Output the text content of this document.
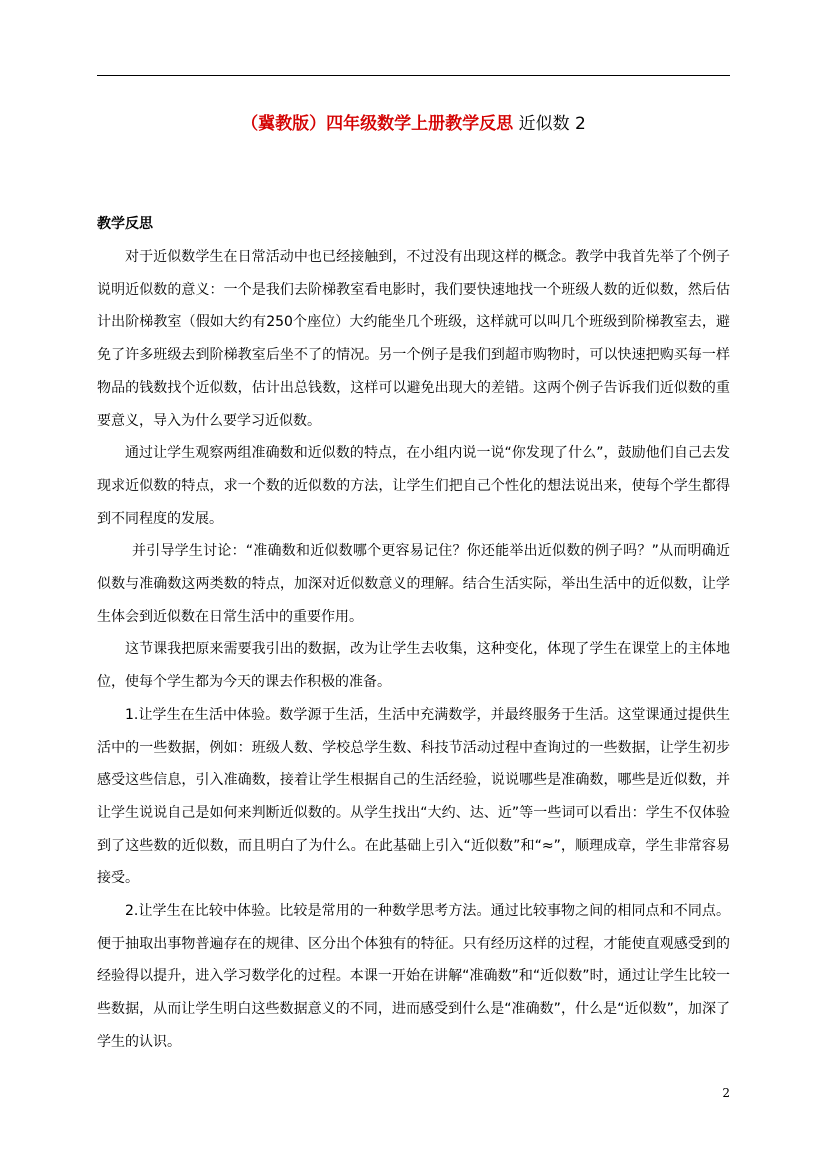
（冀教版）四年级数学上册教学反思 近似数 2
教学反思

对于近似数学生在日常活动中也已经接触到，不过没有出现这样的概念。教学中我首先举了个例子说明近似数的意义：一个是我们去阶梯教室看电影时，我们要快速地找一个班级人数的近似数，然后估计出阶梯教室（假如大约有250个座位）大约能坐几个班级，这样就可以叫几个班级到阶梯教室去，避免了许多班级去到阶梯教室后坐不了的情况。另一个例子是我们到超市购物时，可以快速把购买每一样物品的钱数找个近似数，估计出总钱数，这样可以避免出现大的差错。这两个例子告诉我们近似数的重要意义，导入为什么要学习近似数。

通过让学生观察两组准确数和近似数的特点，在小组内说一说“你发现了什么”，鼓励他们自己去发现求近似数的特点，求一个数的近似数的方法，让学生们把自己个性化的想法说出来，使每个学生都得到不同程度的发展。

并引导学生讨论：“准确数和近似数哪个更容易记住？你还能举出近似数的例子吗？”从而明确近似数与准确数这两类数的特点，加深对近似数意义的理解。结合生活实际，举出生活中的近似数，让学生体会到近似数在日常生活中的重要作用。

这节课我把原来需要我引出的数据，改为让学生去收集，这种变化，体现了学生在课堂上的主体地位，使每个学生都为今天的课去作积极的准备。

1.让学生在生活中体验。数学源于生活，生活中充满数学，并最终服务于生活。这堂课通过提供生活中的一些数据，例如：班级人数、学校总学生数、科技节活动过程中查询过的一些数据，让学生初步感受这些信息，引入准确数，接着让学生根据自己的生活经验，说说哪些是准确数，哪些是近似数，并让学生说说自己是如何来判断近似数的。从学生找出“大约、达、近”等一些词可以看出：学生不仅体验到了这些数的近似数，而且明白了为什么。在此基础上引入“近似数”和“≈”，顺理成章，学生非常容易接受。

2.让学生在比较中体验。比较是常用的一种数学思考方法。通过比较事物之间的相同点和不同点。便于抽取出事物普遍存在的规律、区分出个体独有的特征。只有经历这样的过程，才能使直观感受到的经验得以提升，进入学习数学化的过程。本课一开始在讲解“准确数”和“近似数”时，通过让学生比较一些数据，从而让学生明白这些数据意义的不同，进而感受到什么是“准确数”，什么是“近似数”，加深了学生的认识。

2
